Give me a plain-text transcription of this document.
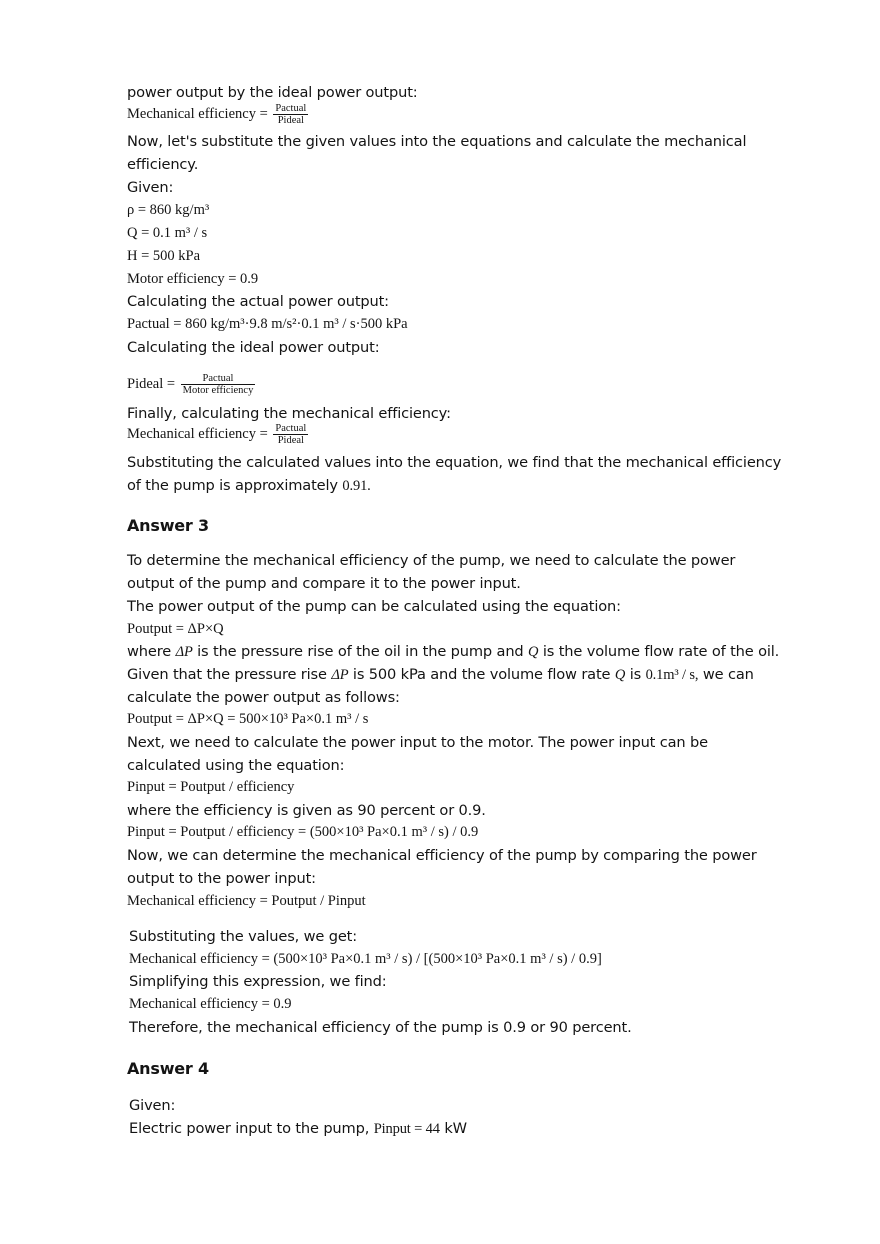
power output by the ideal power output:
Mechanical efficiency = $\frac{\text{Pactual}}{\text{Pideal}}$
Now, let's substitute the given values into the equations and calculate the mechanical
efficiency.
Given:
ρ = 860 kg/m³
Q = 0.1 m³ / s
H = 500 kPa
Motor efficiency = 0.9
Calculating the actual power output:
Pactual = 860 kg/m³·9.8 m/s²·0.1 m³ / s·500 kPa
Calculating the ideal power output:
Pideal = $\frac{\text{Pactual}}{\text{Motor efficiency}}$
Finally, calculating the mechanical efficiency:
Mechanical efficiency = $\frac{\text{Pactual}}{\text{Pideal}}$
Substituting the calculated values into the equation, we find that the mechanical efficiency
of the pump is approximately 0.91.
Answer 3
To determine the mechanical efficiency of the pump, we need to calculate the power
output of the pump and compare it to the power input.
The power output of the pump can be calculated using the equation:
Poutput = ΔP×Q
where ΔP is the pressure rise of the oil in the pump and Q is the volume flow rate of the oil.
Given that the pressure rise ΔP is 500 kPa and the volume flow rate Q is 0.1m³ / s, we can
calculate the power output as follows:
Poutput = ΔP×Q = 500×10³ Pa×0.1 m³ / s
Next, we need to calculate the power input to the motor. The power input can be
calculated using the equation:
Pinput = Poutput / efficiency
where the efficiency is given as 90 percent or 0.9.
Pinput = Poutput / efficiency = (500×10³ Pa×0.1 m³ / s) / 0.9
Now, we can determine the mechanical efficiency of the pump by comparing the power
output to the power input:
Mechanical efficiency = Poutput / Pinput
Substituting the values, we get:
Mechanical efficiency = (500×10³ Pa×0.1 m³ / s) / [(500×10³ Pa×0.1 m³ / s) / 0.9]
Simplifying this expression, we find:
Mechanical efficiency = 0.9
Therefore, the mechanical efficiency of the pump is 0.9 or 90 percent.
Answer 4
Given:
Electric power input to the pump, Pinput = 44 kW
